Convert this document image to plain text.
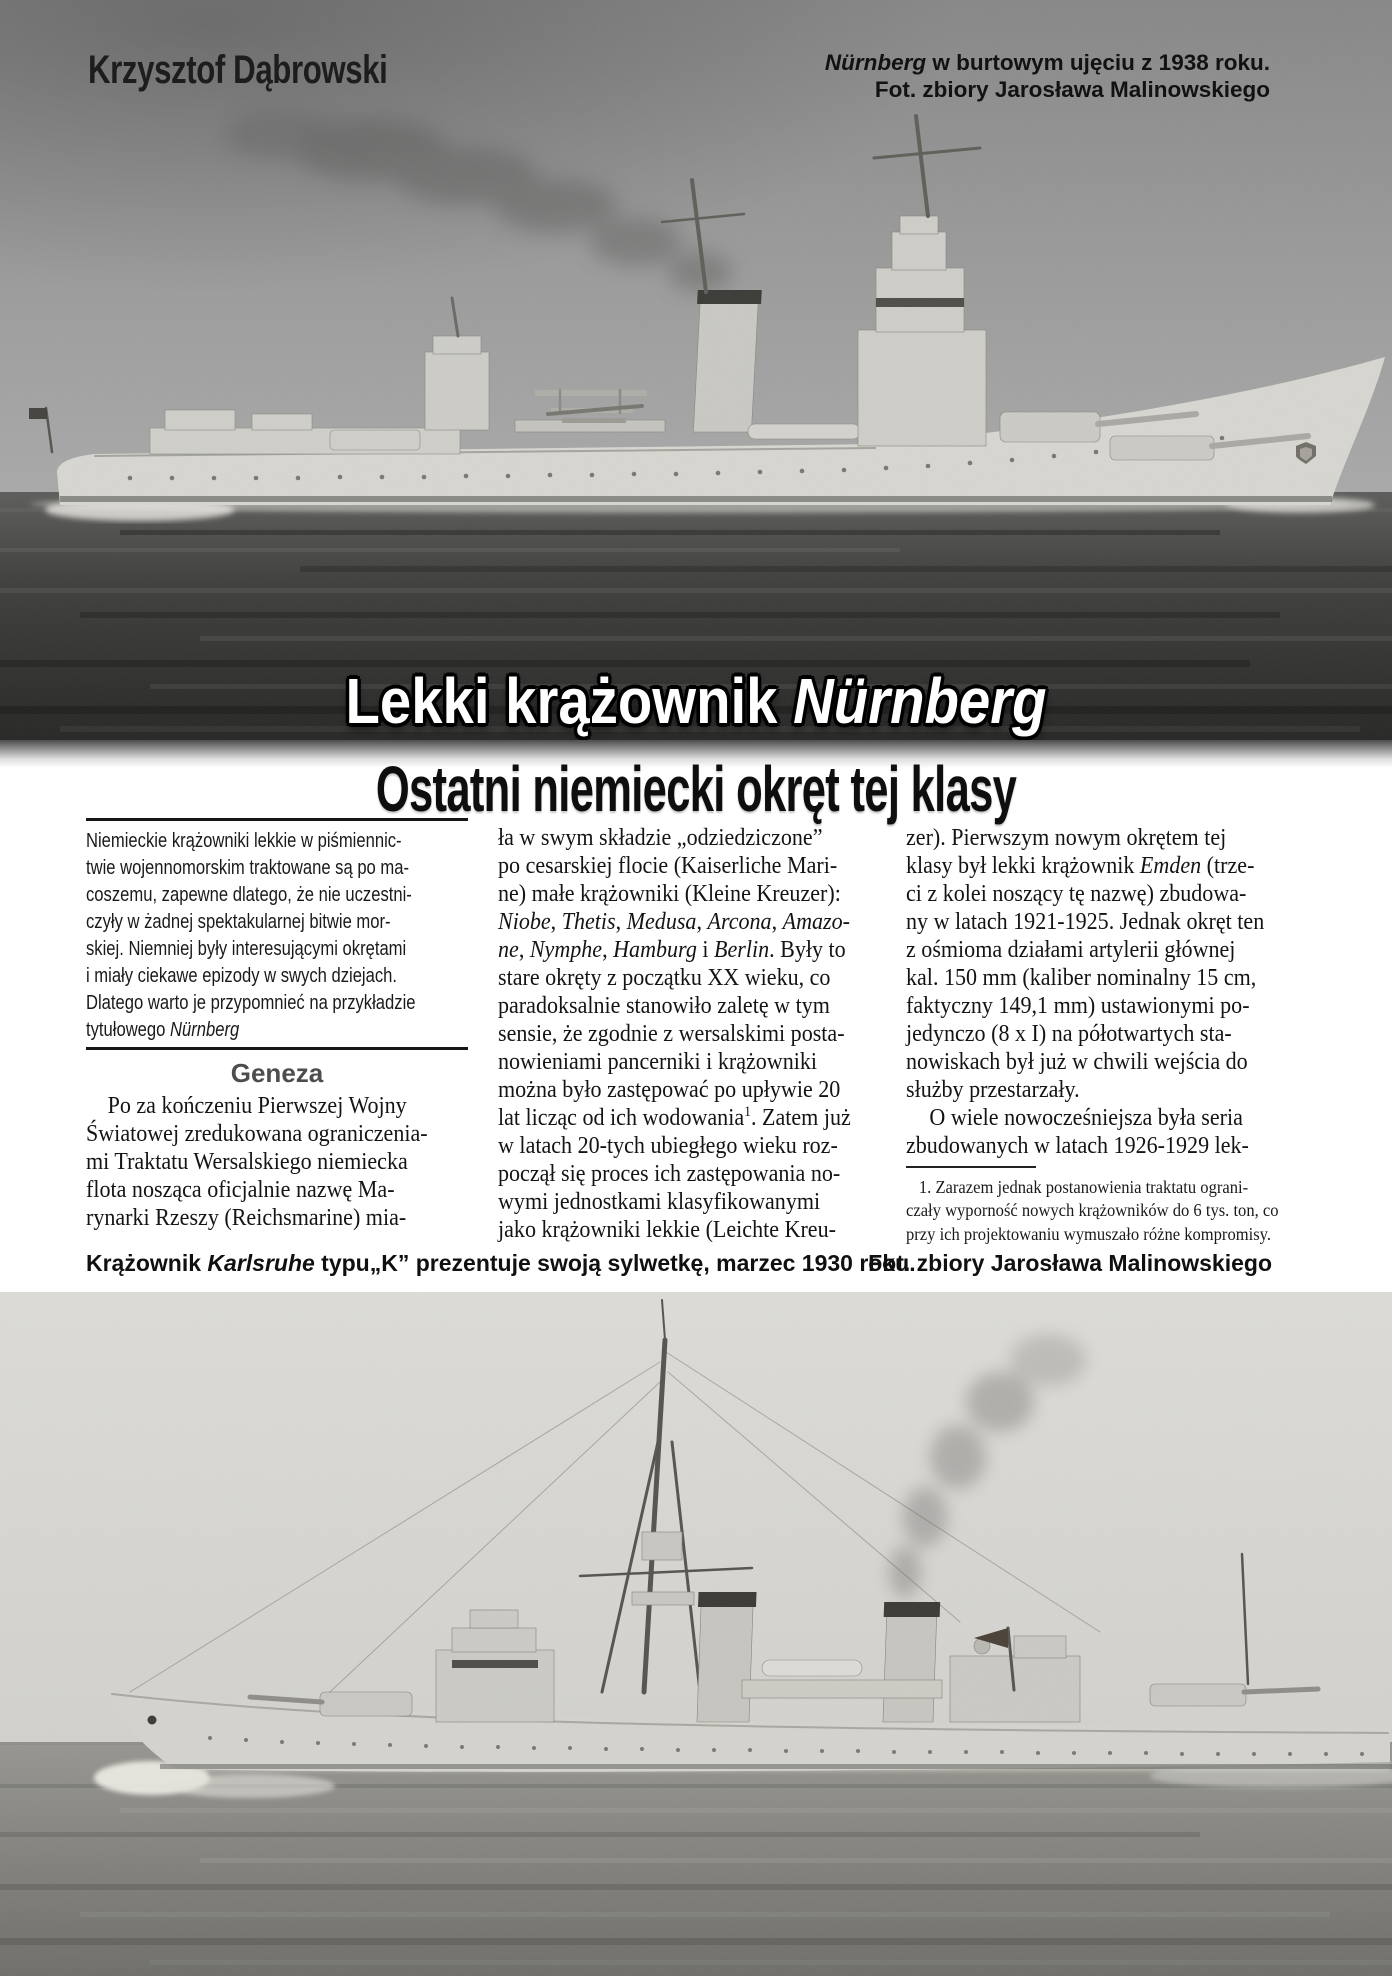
Krzysztof Dąbrowski	Nürnberg w burtowym ujęciu z 1938 roku.
Fot. zbiory Jarosława Malinowskiego
Lekki krążownik Nürnberg
Ostatni niemiecki okręt tej klasy
Niemieckie krążowniki lekkie w piśmiennic-
twie wojennomorskim traktowane są po ma-
coszemu, zapewne dlatego, że nie uczestni-
czyły w żadnej spektakularnej bitwie mor-
skiej. Niemniej były interesującymi okrętami
i miały ciekawe epizody w swych dziejach.
Dlatego warto je przypomnieć na przykładzie
tytułowego Nürnberg
Geneza
Po za kończeniu Pierwszej Wojny
Światowej zredukowana ograniczenia-
mi Traktatu Wersalskiego niemiecka
flota nosząca oficjalnie nazwę Ma-
rynarki Rzeszy (Reichsmarine) mia-
ła w swym składzie „odziedziczone”
po cesarskiej flocie (Kaiserliche Mari-
ne) małe krążowniki (Kleine Kreuzer):
Niobe, Thetis, Medusa, Arcona, Amazo-
ne, Nymphe, Hamburg i Berlin. Były to
stare okręty z początku XX wieku, co
paradoksalnie stanowiło zaletę w tym
sensie, że zgodnie z wersalskimi posta-
nowieniami pancerniki i krążowniki
można było zastępować po upływie 20
lat licząc od ich wodowania$^1$. Zatem już
w latach 20-tych ubiegłego wieku roz-
począł się proces ich zastępowania no-
wymi jednostkami klasyfikowanymi
jako krążowniki lekkie (Leichte Kreu-
zer). Pierwszym nowym okrętem tej
klasy był lekki krążownik Emden (trze-
ci z kolei noszący tę nazwę) zbudowa-
ny w latach 1921-1925. Jednak okręt ten
z ośmioma działami artylerii głównej
kal. 150 mm (kaliber nominalny 15 cm,
faktyczny 149,1 mm) ustawionymi po-
jedynczo (8 x I) na półotwartych sta-
nowiskach był już w chwili wejścia do
służby przestarzały.
O wiele nowocześniejsza była seria
zbudowanych w latach 1926-1929 lek-
1. Zarazem jednak postanowienia traktatu ograni-
czały wyporność nowych krążowników do 6 tys. ton, co
przy ich projektowaniu wymuszało różne kompromisy.
Krążownik Karlsruhe typu„K” prezentuje swoją sylwetkę, marzec 1930 roku.
Fot. zbiory Jarosława Malinowskiego
